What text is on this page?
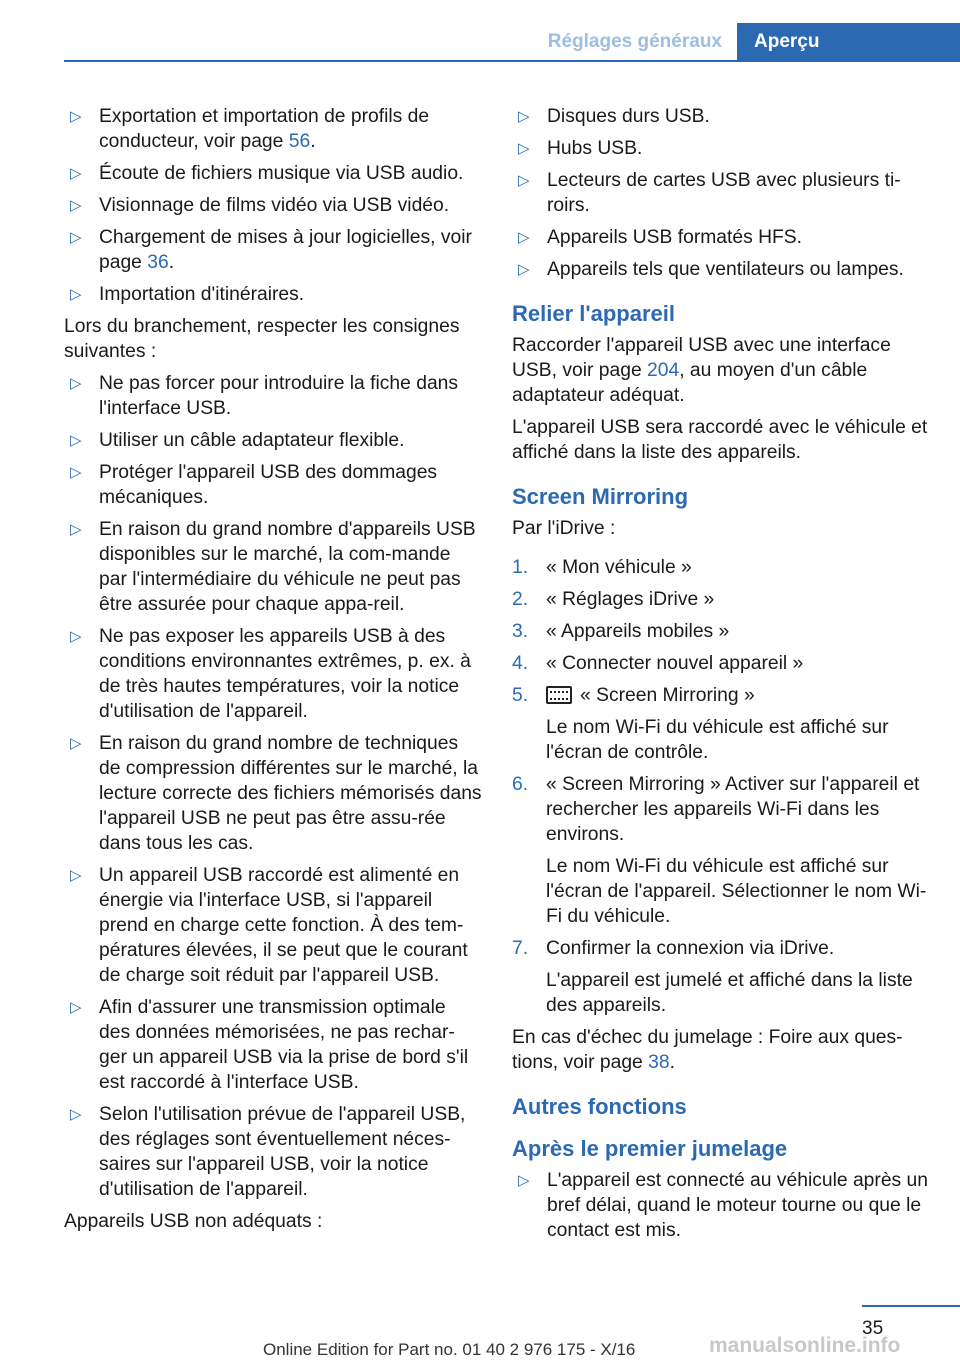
Réglages généraux	Aperçu
▷ Exportation et importation de profils de conducteur, voir page 56.
▷ Écoute de fichiers musique via USB audio.
▷ Visionnage de films vidéo via USB vidéo.
▷ Chargement de mises à jour logicielles, voir page 36.
▷ Importation d'itinéraires.

Lors du branchement, respecter les consignes suivantes :

▷ Ne pas forcer pour introduire la fiche dans l'interface USB.
▷ Utiliser un câble adaptateur flexible.
▷ Protéger l'appareil USB des dommages mécaniques.
▷ En raison du grand nombre d'appareils USB disponibles sur le marché, la com‐mande par l'intermédiaire du véhicule ne peut pas être assurée pour chaque appa‐reil.
▷ Ne pas exposer les appareils USB à des conditions environnantes extrêmes, p. ex. à de très hautes températures, voir la notice d'utilisation de l'appareil.
▷ En raison du grand nombre de techniques de compression différentes sur le marché, la lecture correcte des fichiers mémorisés dans l'appareil USB ne peut pas être assu‐rée dans tous les cas.
▷ Un appareil USB raccordé est alimenté en énergie via l'interface USB, si l'appareil prend en charge cette fonction. À des tem‐pératures élevées, il se peut que le courant de charge soit réduit par l'appareil USB.
▷ Afin d'assurer une transmission optimale des données mémorisées, ne pas rechar‐ger un appareil USB via la prise de bord s'il est raccordé à l'interface USB.
▷ Selon l'utilisation prévue de l'appareil USB, des réglages sont éventuellement néces‐saires sur l'appareil USB, voir la notice d'utilisation de l'appareil.

Appareils USB non adéquats :

▷ Disques durs USB.
▷ Hubs USB.
▷ Lecteurs de cartes USB avec plusieurs ti‐roirs.
▷ Appareils USB formatés HFS.
▷ Appareils tels que ventilateurs ou lampes.
Relier l'appareil

Raccorder l'appareil USB avec une interface USB, voir page 204, au moyen d'un câble adaptateur adéquat.

L'appareil USB sera raccordé avec le véhicule et affiché dans la liste des appareils.

Screen Mirroring

Par l'iDrive :

1. « Mon véhicule »
2. « Réglages iDrive »
3. « Appareils mobiles »
4. « Connecter nouvel appareil »
5.	« Screen Mirroring »
Le nom Wi-Fi du véhicule est affiché sur l'écran de contrôle.
6. « Screen Mirroring » Activer sur l'appareil et rechercher les appareils Wi-Fi dans les environs.
Le nom Wi-Fi du véhicule est affiché sur l'écran de l'appareil. Sélectionner le nom Wi-Fi du véhicule.
7. Confirmer la connexion via iDrive.
L'appareil est jumelé et affiché dans la liste des appareils.

En cas d'échec du jumelage : Foire aux ques‐tions, voir page 38.

Autres fonctions
Après le premier jumelage
▷ L'appareil est connecté au véhicule après un bref délai, quand le moteur tourne ou que le contact est mis.
35
manualsonline.info
Online Edition for Part no. 01 40 2 976 175 - X/16
